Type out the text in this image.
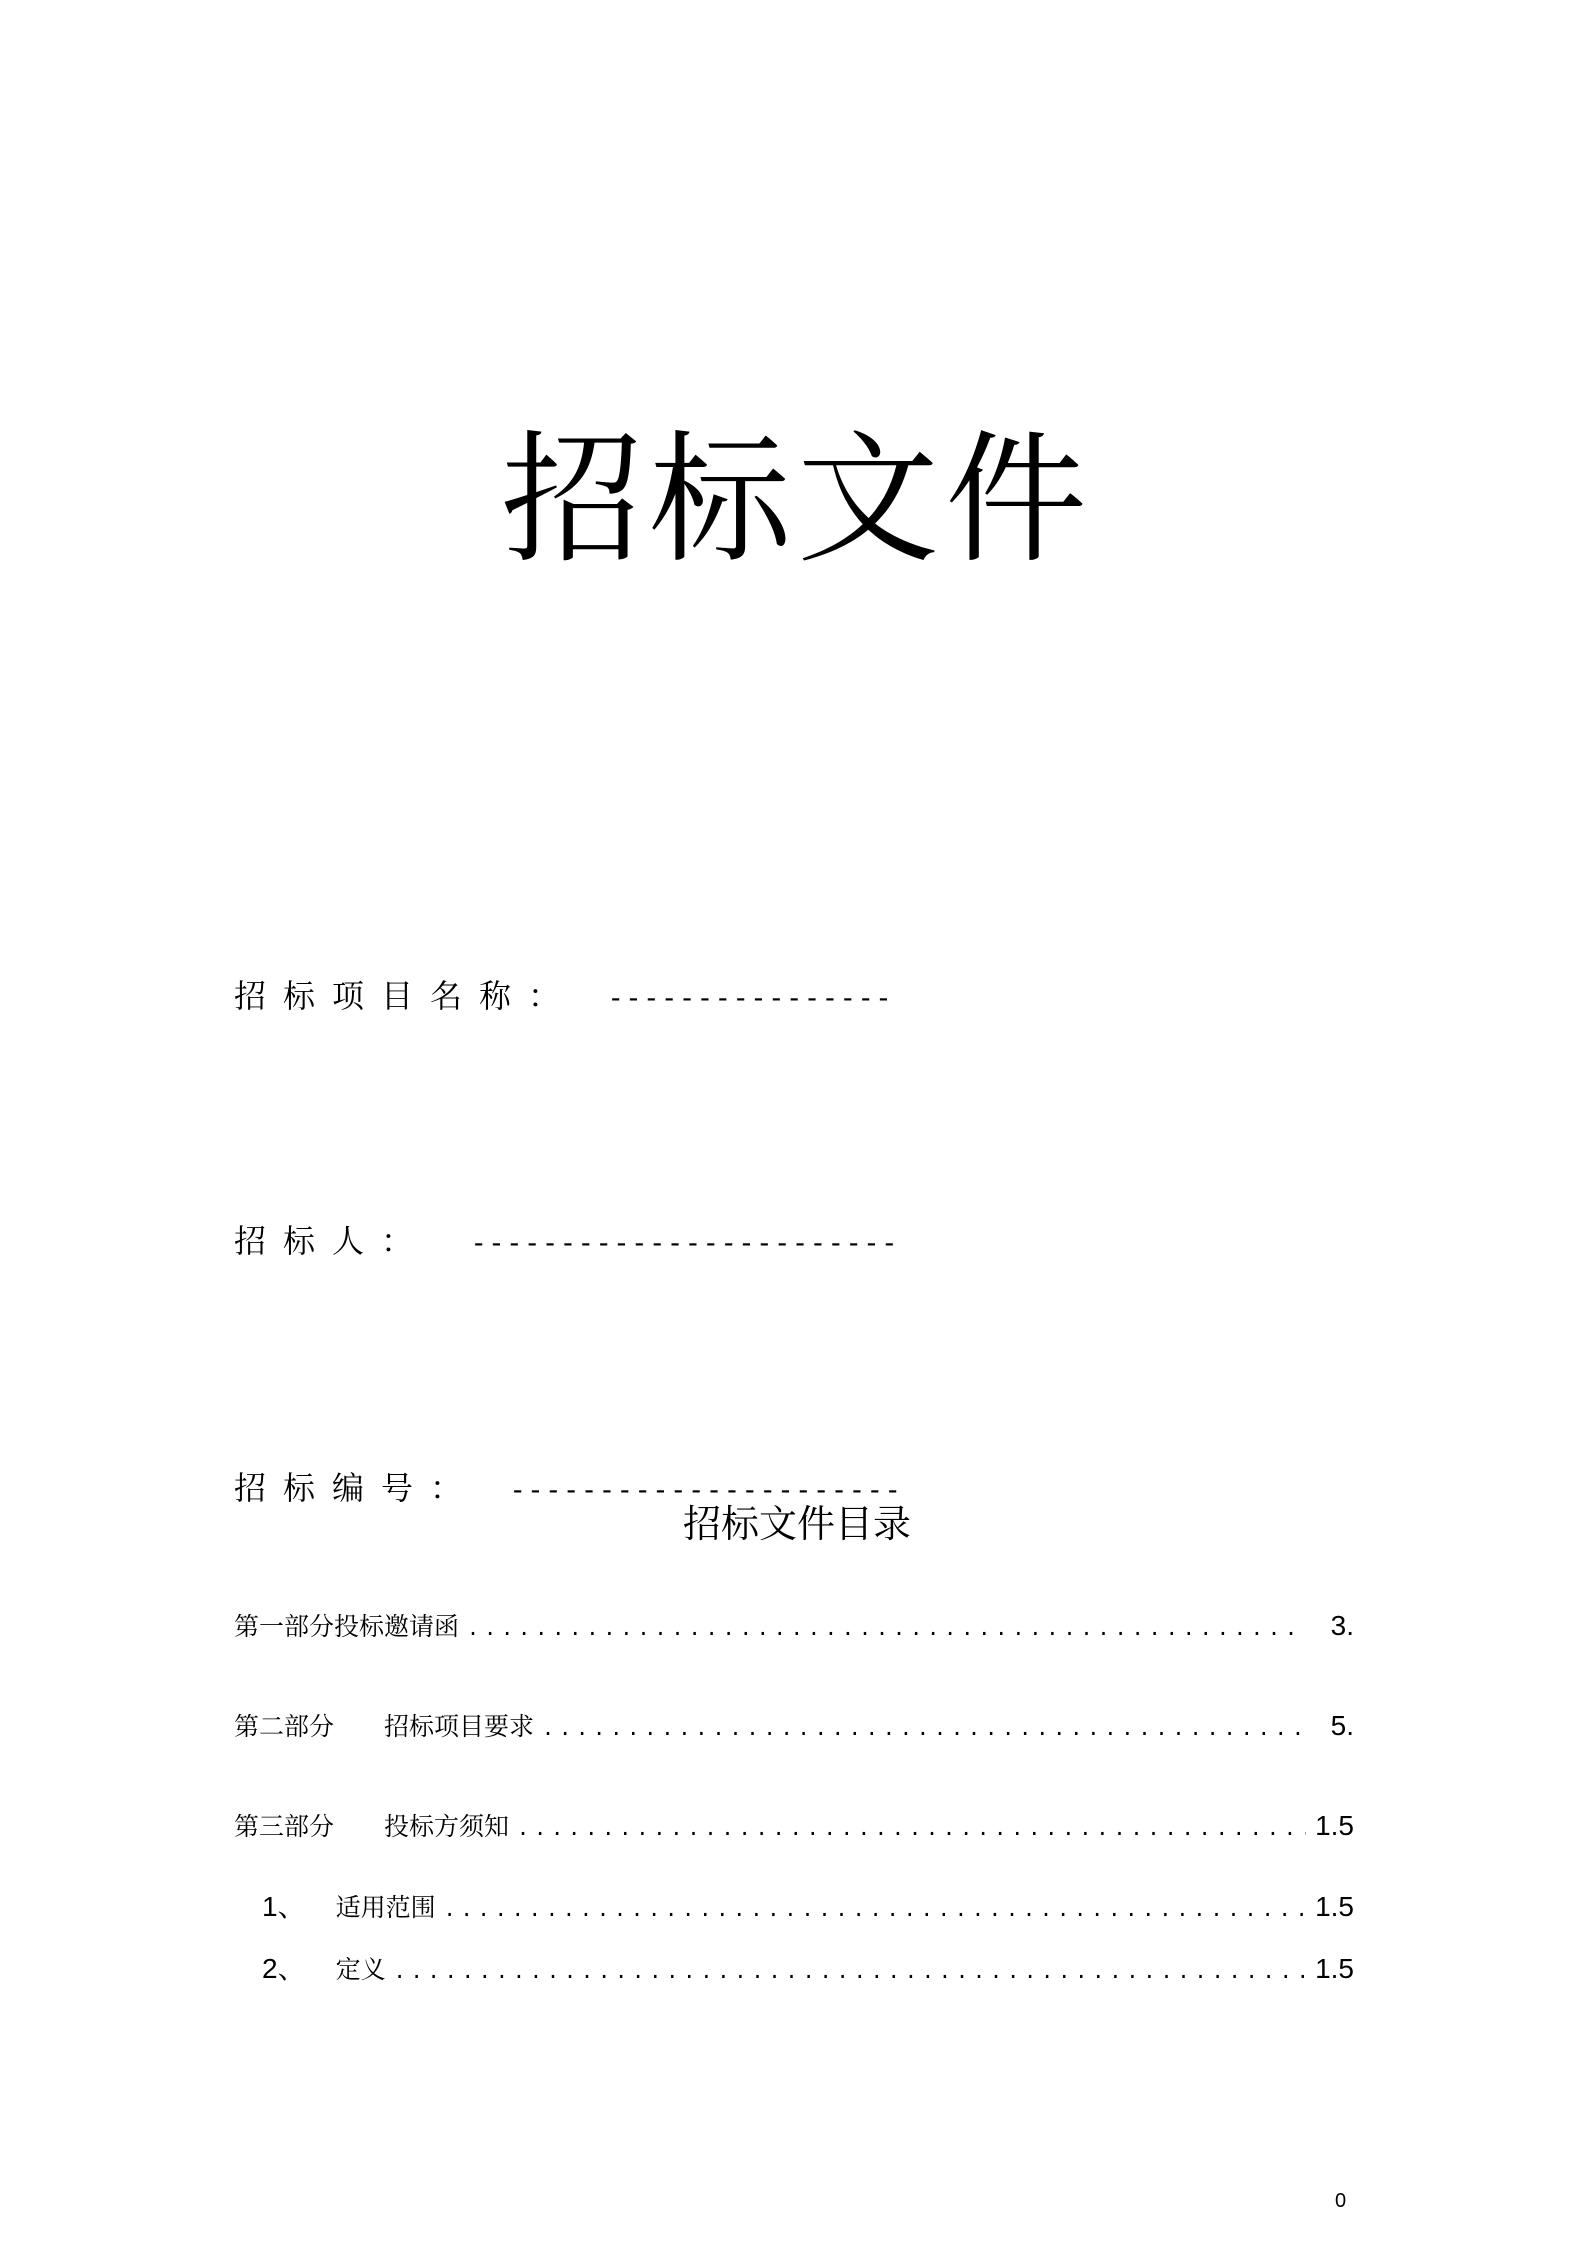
招标文件
招标项目名称： ----------------
招标人： ------------------------
招标编号： ----------------------
招标文件目录
第一部分 投标邀请函 .....	3.
第二部分 招标项目要求 .....	5.
第三部分 投标方须知 .....	1.5
1、 适用范围 .....	1.5
2、 定义 .....	1.5
0
